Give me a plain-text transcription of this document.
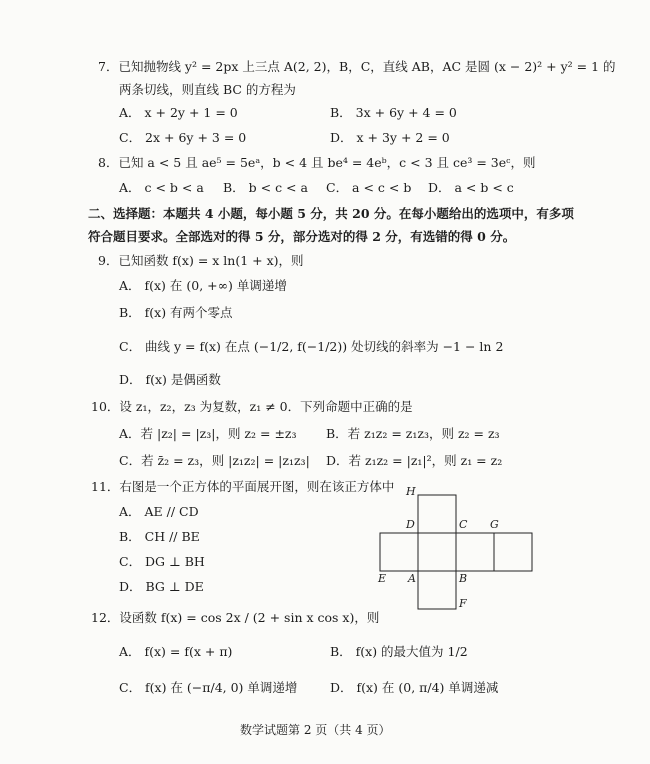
7．已知抛物线 y² = 2px 上三点 A(2, 2)，B，C，直线 AB，AC 是圆 (x − 2)² + y² = 1 的
两条切线，则直线 BC 的方程为
A． x + 2y + 1 = 0	B． 3x + 6y + 4 = 0
C． 2x + 6y + 3 = 0	D． x + 3y + 2 = 0
8．已知 a < 5 且 ae⁵ = 5eᵃ，b < 4 且 be⁴ = 4eᵇ，c < 3 且 ce³ = 3eᶜ，则
A． c < b < a B． b < c < a C． a < c < b D． a < b < c
二、选择题：本题共 4 小题，每小题 5 分，共 20 分。在每小题给出的选项中，有多项
符合题目要求。全部选对的得 5 分，部分选对的得 2 分，有选错的得 0 分。
9．已知函数 f(x) = x ln(1 + x)，则
A． f(x) 在 (0, +∞) 单调递增
B． f(x) 有两个零点
C． 曲线 y = f(x) 在点 (−1/2, f(−1/2)) 处切线的斜率为 −1 − ln 2
D． f(x) 是偶函数
10．设 z₁，z₂，z₃ 为复数，z₁ ≠ 0．下列命题中正确的是
A．若 |z₂| = |z₃|，则 z₂ = ±z₃ B．若 z₁z₂ = z₁z₃，则 z₂ = z₃
C．若 z̄₂ = z₃，则 |z₁z₂| = |z₁z₃| D．若 z₁z₂ = |z₁|²，则 z₁ = z₂
11．右图是一个正方体的平面展开图，则在该正方体中
A． AE // CD
B． CH // BE
C． DG ⊥ BH
D． BG ⊥ DE
H
D	C G
E A	B
F
12．设函数 f(x) = cos 2x / (2 + sin x cos x)，则
A． f(x) = f(x + π)	B． f(x) 的最大值为 1/2
C． f(x) 在 (−π/4, 0) 单调递增	D． f(x) 在 (0, π/4) 单调递减
数学试题第 2 页（共 4 页）
